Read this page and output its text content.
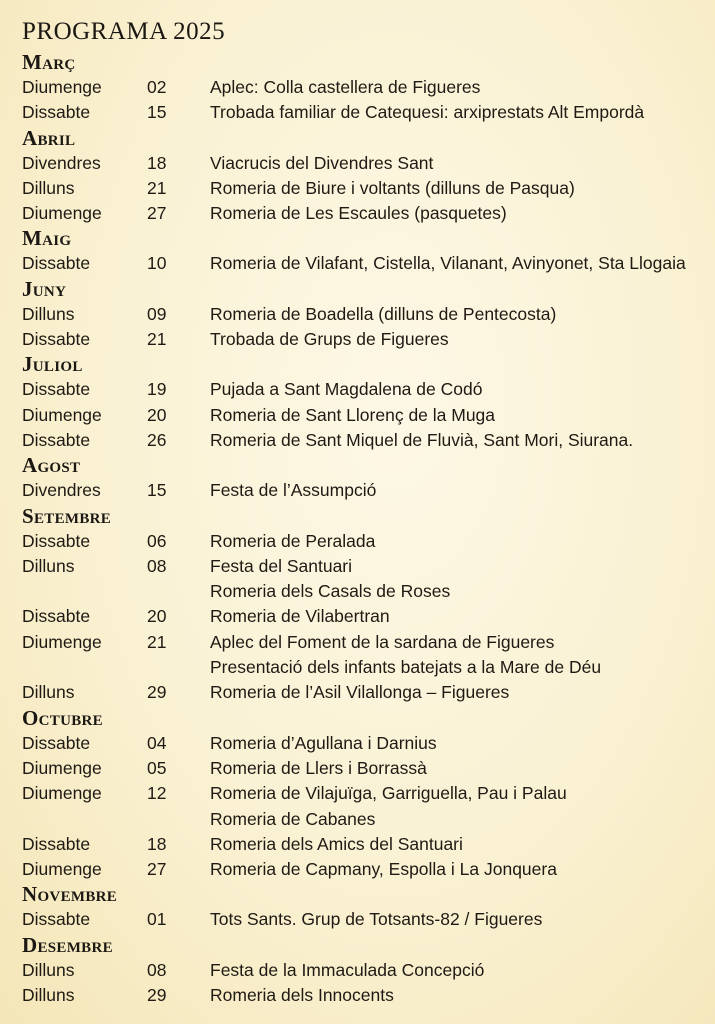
PROGRAMA 2025
Març
Diumenge	02	Aplec: Colla castellera de Figueres
Dissabte	15	Trobada familiar de Catequesi: arxiprestats Alt Empordà
Abril
Divendres	18	Viacrucis del Divendres Sant
Dilluns	21	Romeria de Biure i voltants (dilluns de Pasqua)
Diumenge	27	Romeria de Les Escaules (pasquetes)
Maig
Dissabte	10	Romeria de Vilafant, Cistella, Vilanant, Avinyonet, Sta Llogaia
Juny
Dilluns	09	Romeria de Boadella (dilluns de Pentecosta)
Dissabte	21	Trobada de Grups de Figueres
Juliol
Dissabte	19	Pujada a Sant Magdalena de Codó
Diumenge	20	Romeria de Sant Llorenç de la Muga
Dissabte	26	Romeria de Sant Miquel de Fluvià, Sant Mori, Siurana.
Agost
Divendres	15	Festa de l’Assumpció
Setembre
Dissabte	06	Romeria de Peralada
Dilluns	08	Festa del Santuari
Romeria dels Casals de Roses
Dissabte	20	Romeria de Vilabertran
Diumenge	21	Aplec del Foment de la sardana de Figueres
Presentació dels infants batejats a la Mare de Déu
Dilluns	29	Romeria de l’Asil Vilallonga – Figueres
Octubre
Dissabte	04	Romeria d’Agullana i Darnius
Diumenge	05	Romeria de Llers i Borrassà
Diumenge	12	Romeria de Vilajuïga, Garriguella, Pau i Palau
Romeria de Cabanes
Dissabte	18	Romeria dels Amics del Santuari
Diumenge	27	Romeria de Capmany, Espolla i La Jonquera
Novembre
Dissabte	01	Tots Sants. Grup de Totsants-82 / Figueres
Desembre
Dilluns	08	Festa de la Immaculada Concepció
Dilluns	29	Romeria dels Innocents
